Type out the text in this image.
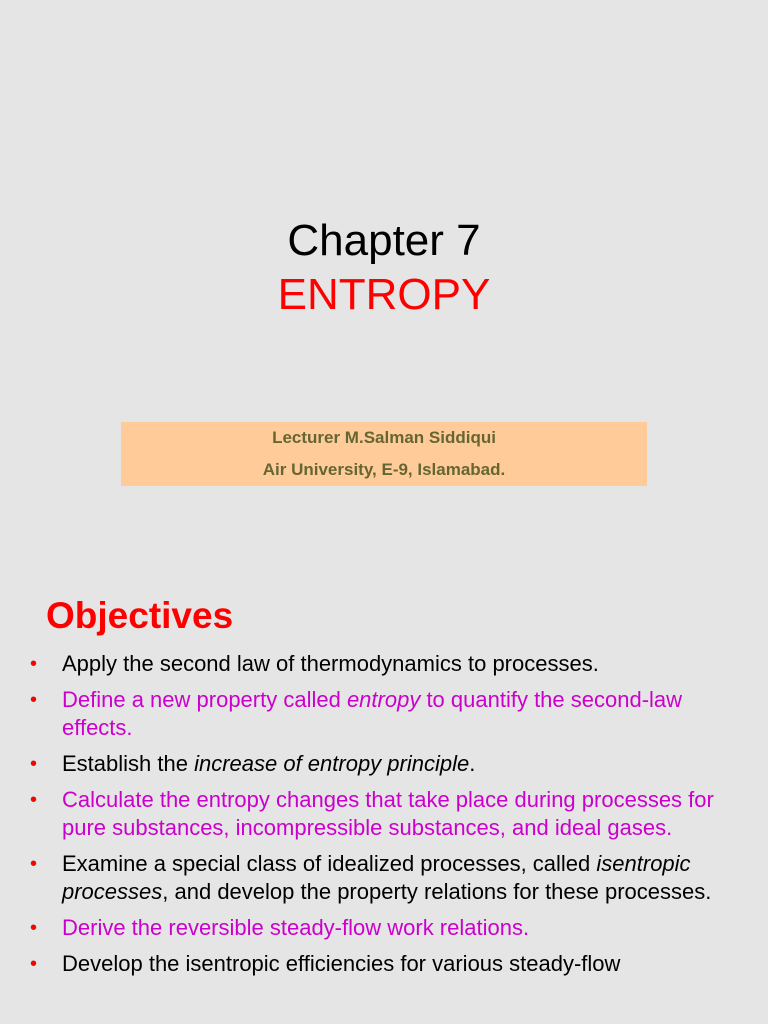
Chapter 7
ENTROPY
Lecturer M.Salman Siddiqui
Air University, E-9, Islamabad.
Objectives
• Apply the second law of thermodynamics to processes.
• Define a new property called entropy to quantify the second-law effects.
• Establish the increase of entropy principle.
• Calculate the entropy changes that take place during processes for pure substances, incompressible substances, and ideal gases.
• Examine a special class of idealized processes, called isentropic processes, and develop the property relations for these processes.
• Derive the reversible steady-flow work relations.
• Develop the isentropic efficiencies for various steady-flow
